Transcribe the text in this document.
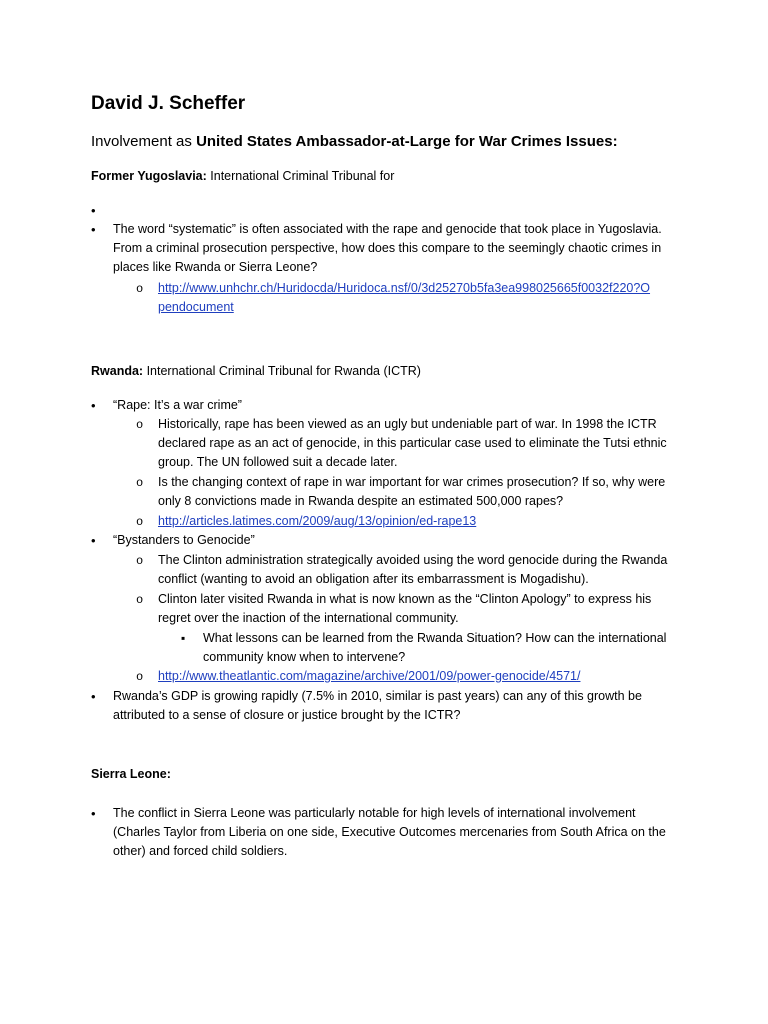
David J. Scheffer
Involvement as United States Ambassador-at-Large for War Crimes Issues:
Former Yugoslavia: International Criminal Tribunal for
•
•
The word “systematic” is often associated with the rape and genocide that took place in Yugoslavia. From a criminal prosecution perspective, how does this compare to the seemingly chaotic crimes in places like Rwanda or Sierra Leone?
o
http://www.unhchr.ch/Huridocda/Huridoca.nsf/0/3d25270b5fa3ea998025665f0032f220?O
pendocument
Rwanda: International Criminal Tribunal for Rwanda (ICTR)
•
“Rape: It’s a war crime”
o
Historically, rape has been viewed as an ugly but undeniable part of war. In 1998 the ICTR declared rape as an act of genocide, in this particular case used to eliminate the Tutsi ethnic group. The UN followed suit a decade later.
o
Is the changing context of rape in war important for war crimes prosecution? If so, why were only 8 convictions made in Rwanda despite an estimated 500,000 rapes?
o
http://articles.latimes.com/2009/aug/13/opinion/ed-rape13
•
“Bystanders to Genocide”
o
The Clinton administration strategically avoided using the word genocide during the Rwanda conflict (wanting to avoid an obligation after its embarrassment is Mogadishu).
o
Clinton later visited Rwanda in what is now known as the “Clinton Apology” to express his regret over the inaction of the international community.
▪
What lessons can be learned from the Rwanda Situation? How can the international community know when to intervene?
o
http://www.theatlantic.com/magazine/archive/2001/09/power-genocide/4571/
•
Rwanda’s GDP is growing rapidly (7.5% in 2010, similar is past years) can any of this growth be attributed to a sense of closure or justice brought by the ICTR?
Sierra Leone:
•
The conflict in Sierra Leone was particularly notable for high levels of international involvement (Charles Taylor from Liberia on one side, Executive Outcomes mercenaries from South Africa on the other) and forced child soldiers.
